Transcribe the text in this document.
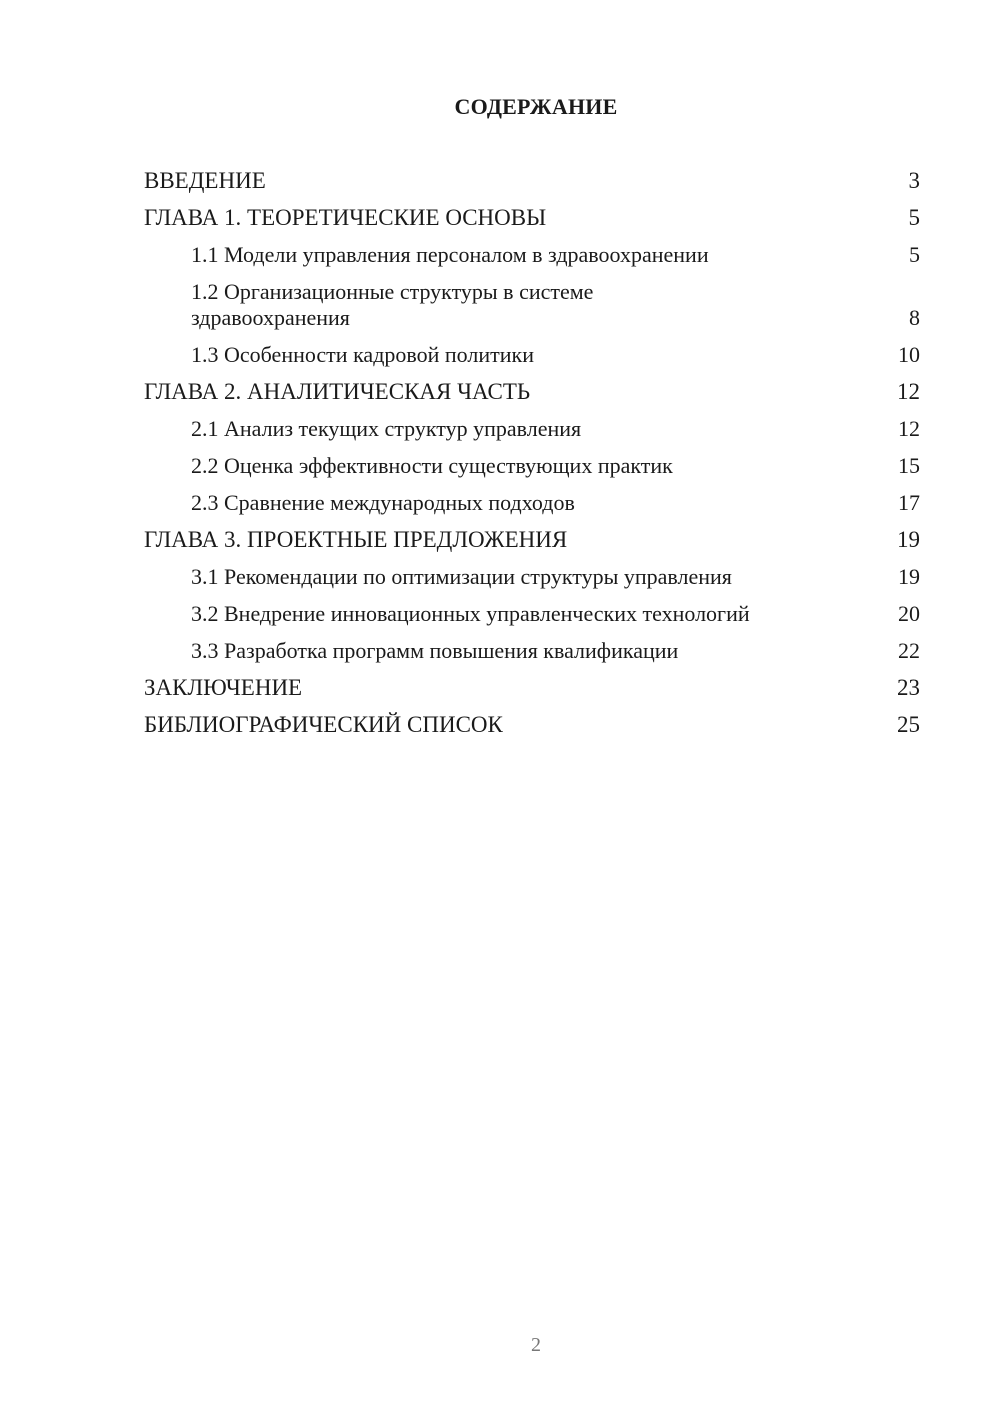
СОДЕРЖАНИЕ
ВВЕДЕНИЕ	3
ГЛАВА 1. ТЕОРЕТИЧЕСКИЕ ОСНОВЫ	5
1.1 Модели управления персоналом в здравоохранении	5
1.2 Организационные структуры в системе
здравоохранения	8
1.3 Особенности кадровой политики	10
ГЛАВА 2. АНАЛИТИЧЕСКАЯ ЧАСТЬ	12
2.1 Анализ текущих структур управления	12
2.2 Оценка эффективности существующих практик	15
2.3 Сравнение международных подходов	17
ГЛАВА 3. ПРОЕКТНЫЕ ПРЕДЛОЖЕНИЯ	19
3.1 Рекомендации по оптимизации структуры управления	19
3.2 Внедрение инновационных управленческих технологий	20
3.3 Разработка программ повышения квалификации	22
ЗАКЛЮЧЕНИЕ	23
БИБЛИОГРАФИЧЕСКИЙ СПИСОК	25
2
